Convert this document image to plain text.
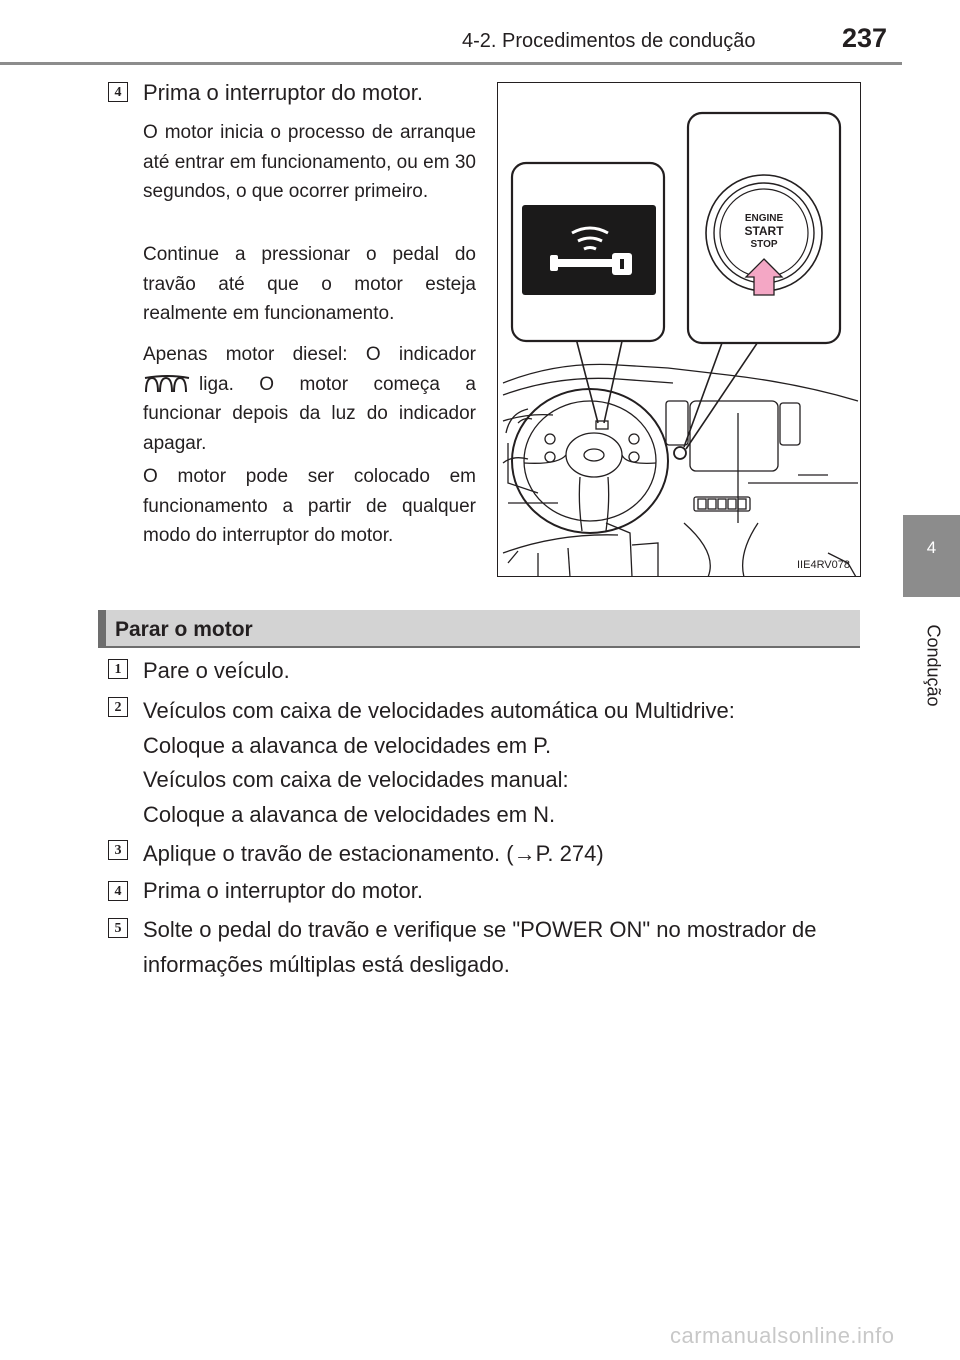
4-2. Procedimentos de condução	237
4
Condução
4 Prima o interruptor do motor.
O motor inicia o processo de arranque até entrar em funcionamento, ou em 30 segundos, o que ocorrer primeiro.
Continue a pressionar o pedal do travão até que o motor esteja realmente em funcionamento.
Apenas motor diesel: O indicador
liga. O motor começa a funcionar depois da luz do indicador apagar.
O motor pode ser colocado em funcionamento a partir de qualquer modo do interruptor do motor.
ENGINE
START
STOP
IIE4RV078
Parar o motor
1 Pare o veículo.
2 Veículos com caixa de velocidades automática ou Multidrive: Coloque a alavanca de velocidades em P.
Veículos com caixa de velocidades manual: Coloque a alavanca de velocidades em N.
3 Aplique o travão de estacionamento. (→P. 274)
4 Prima o interruptor do motor.
5 Solte o pedal do travão e verifique se "POWER ON" no mostrador de informações múltiplas está desligado.
carmanualsonline.info
